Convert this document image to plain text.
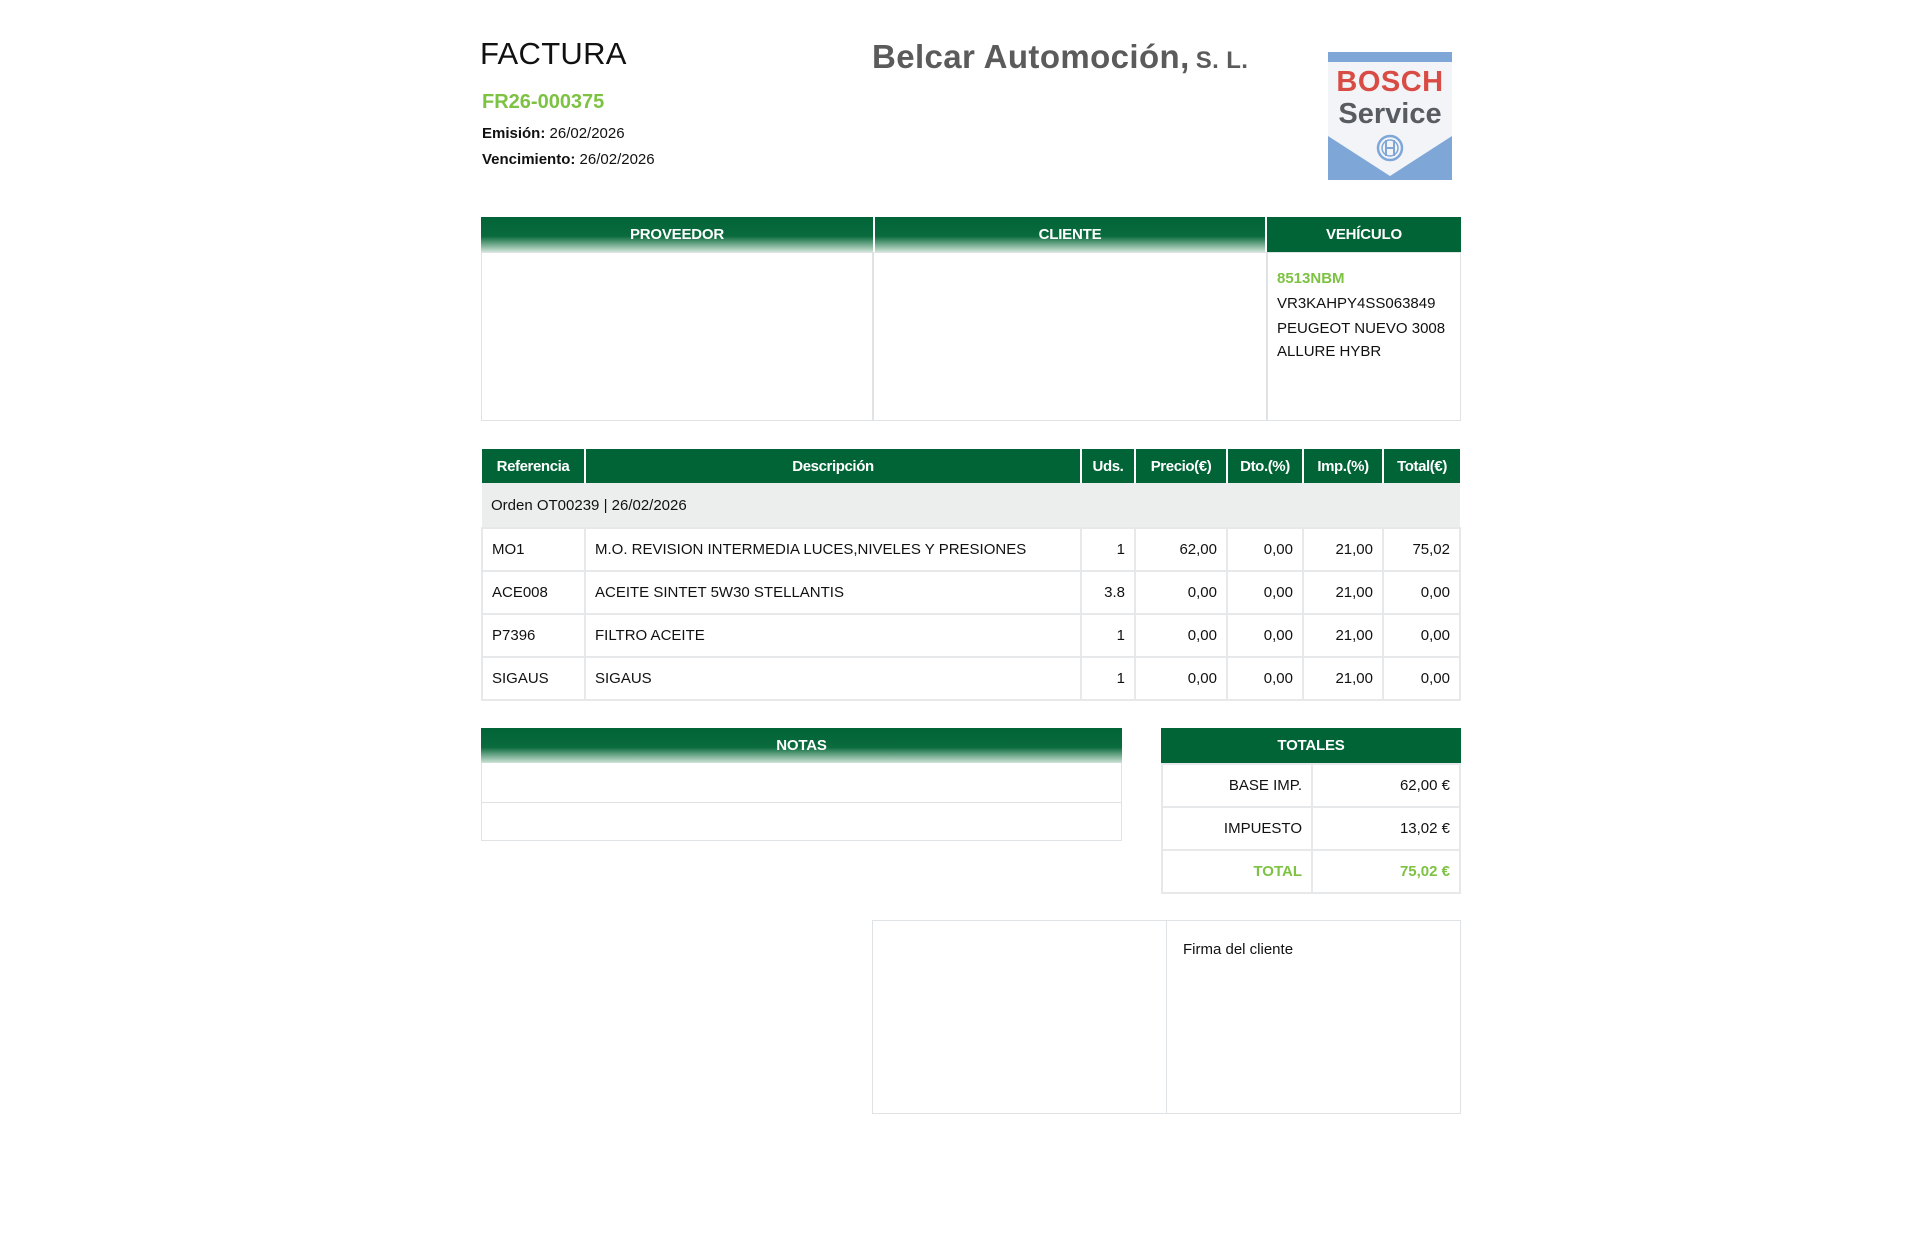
FACTURA
FR26-000375
Emisión: 26/02/2026
Vencimiento: 26/02/2026
Belcar Automoción, S. L.
BOSCH
Service
PROVEEDOR	CLIENTE	VEHÍCULO
8513NBM
VR3KAHPY4SS063849
PEUGEOT NUEVO 3008
ALLURE HYBR
Referencia	Descripción	Uds.	Precio(€)	Dto.(%)	Imp.(%)	Total(€)
Orden OT00239 | 26/02/2026						
MO1	M.O. REVISION INTERMEDIA LUCES,NIVELES Y PRESIONES	1	62,00	0,00	21,00	75,02
ACE008	ACEITE SINTET 5W30 STELLANTIS	3.8	0,00	0,00	21,00	0,00
P7396	FILTRO ACEITE	1	0,00	0,00	21,00	0,00
SIGAUS	SIGAUS	1	0,00	0,00	21,00	0,00
NOTAS	TOTALES
BASE IMP.	62,00 €
IMPUESTO	13,02 €
TOTAL	75,02 €
Firma del cliente
